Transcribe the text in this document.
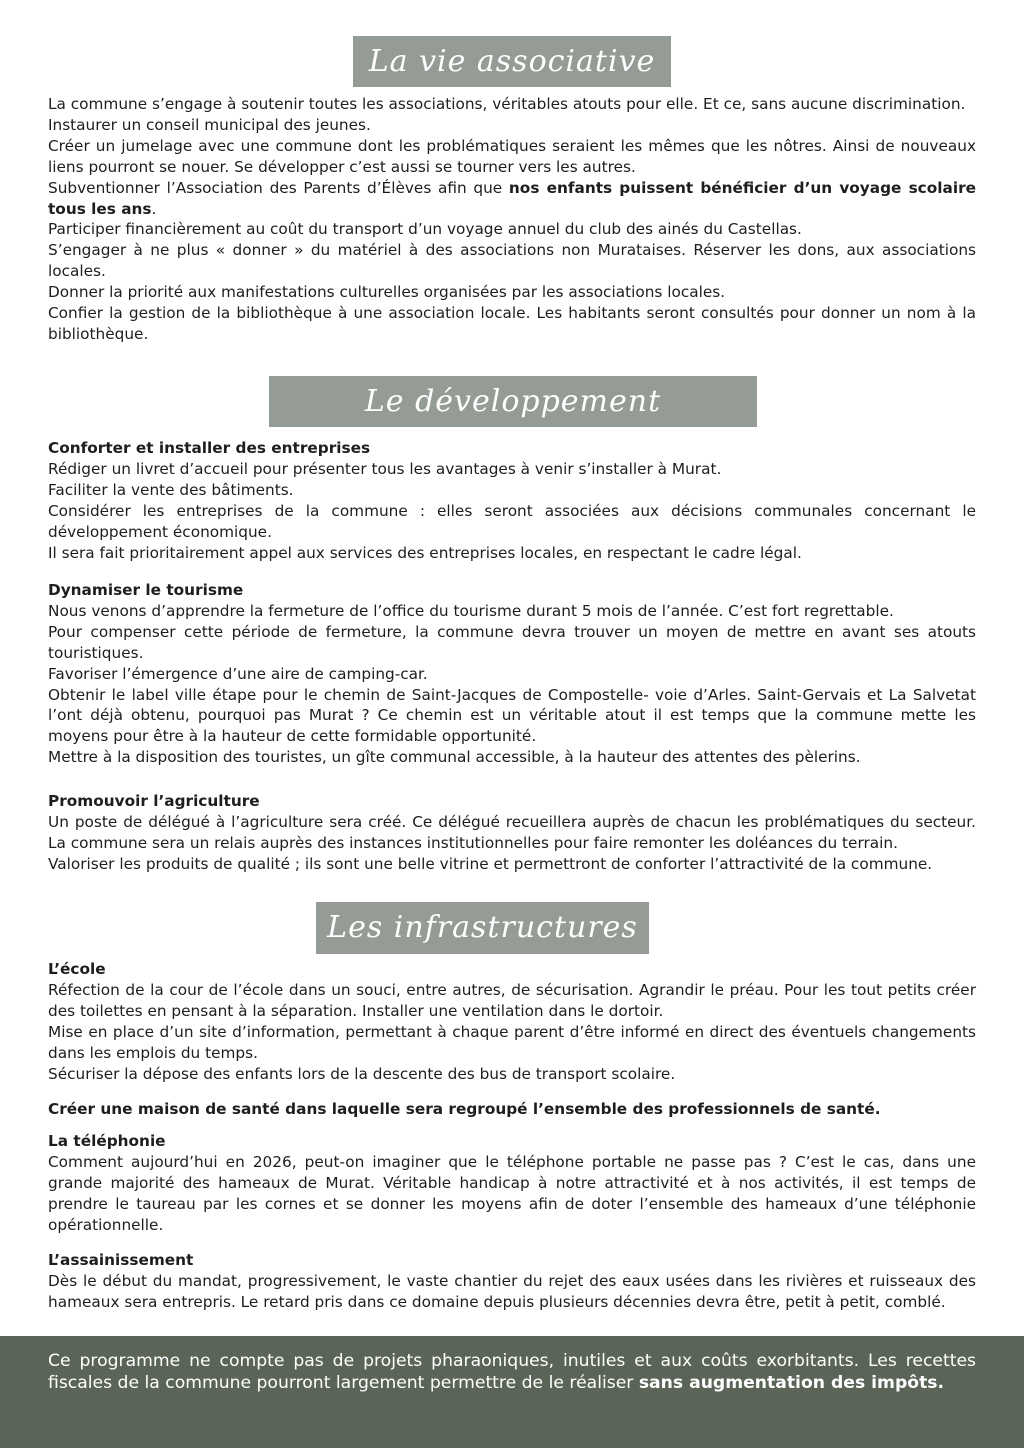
La vie associative

La commune s’engage à soutenir toutes les associations, véritables atouts pour elle. Et ce, sans aucune discrimination.

Instaurer un conseil municipal des jeunes.

Créer un jumelage avec une commune dont les problématiques seraient les mêmes que les nôtres. Ainsi de nouveaux liens pourront se nouer. Se développer c’est aussi se tourner vers les autres.

Subventionner l’Association des Parents d’Élèves afin que nos enfants puissent bénéficier d’un voyage scolaire tous les ans.

Participer financièrement au coût du transport d’un voyage annuel du club des ainés du Castellas.

S’engager à ne plus « donner » du matériel à des associations non Murataises. Réserver les dons, aux associations locales.

Donner la priorité aux manifestations culturelles organisées par les associations locales.

Confier la gestion de la bibliothèque à une association locale. Les habitants seront consultés pour donner un nom à la bibliothèque.

Le développement économique

Conforter et installer des entreprises

Rédiger un livret d’accueil pour présenter tous les avantages à venir s’installer à Murat.

Faciliter la vente des bâtiments.

Considérer les entreprises de la commune : elles seront associées aux décisions communales concernant le développement économique.

Il sera fait prioritairement appel aux services des entreprises locales, en respectant le cadre légal.

Dynamiser le tourisme

Nous venons d’apprendre la fermeture de l’office du tourisme durant 5 mois de l’année. C’est fort regrettable.

Pour compenser cette période de fermeture, la commune devra trouver un moyen de mettre en avant ses atouts touristiques.

Favoriser l’émergence d’une aire de camping-car.

Obtenir le label ville étape pour le chemin de Saint-Jacques de Compostelle- voie d’Arles. Saint-Gervais et La Salvetat l’ont déjà obtenu, pourquoi pas Murat ? Ce chemin est un véritable atout il est temps que la commune mette les moyens pour être à la hauteur de cette formidable opportunité.

Mettre à la disposition des touristes, un gîte communal accessible, à la hauteur des attentes des pèlerins.

Promouvoir l’agriculture

Un poste de délégué à l’agriculture sera créé. Ce délégué recueillera auprès de chacun les problématiques du secteur. La commune sera un relais auprès des instances institutionnelles pour faire remonter les doléances du terrain.

Valoriser les produits de qualité ; ils sont une belle vitrine et permettront de conforter l’attractivité de la commune.

Les infrastructures

L’école

Réfection de la cour de l’école dans un souci, entre autres, de sécurisation. Agrandir le préau. Pour les tout petits créer des toilettes en pensant à la séparation. Installer une ventilation dans le dortoir.

Mise en place d’un site d’information, permettant à chaque parent d’être informé en direct des éventuels changements dans les emplois du temps.

Sécuriser la dépose des enfants lors de la descente des bus de transport scolaire.

Créer une maison de santé dans laquelle sera regroupé l’ensemble des professionnels de santé.

La téléphonie

Comment aujourd’hui en 2026, peut-on imaginer que le téléphone portable ne passe pas ? C’est le cas, dans une grande majorité des hameaux de Murat. Véritable handicap à notre attractivité et à nos activités, il est temps de prendre le taureau par les cornes et se donner les moyens afin de doter l’ensemble des hameaux d’une téléphonie opérationnelle.

L’assainissement

Dès le début du mandat, progressivement, le vaste chantier du rejet des eaux usées dans les rivières et ruisseaux des hameaux sera entrepris. Le retard pris dans ce domaine depuis plusieurs décennies devra être, petit à petit, comblé.

Ce programme ne compte pas de projets pharaoniques, inutiles et aux coûts exorbitants. Les recettes fiscales de la commune pourront largement permettre de le réaliser sans augmentation des impôts.
